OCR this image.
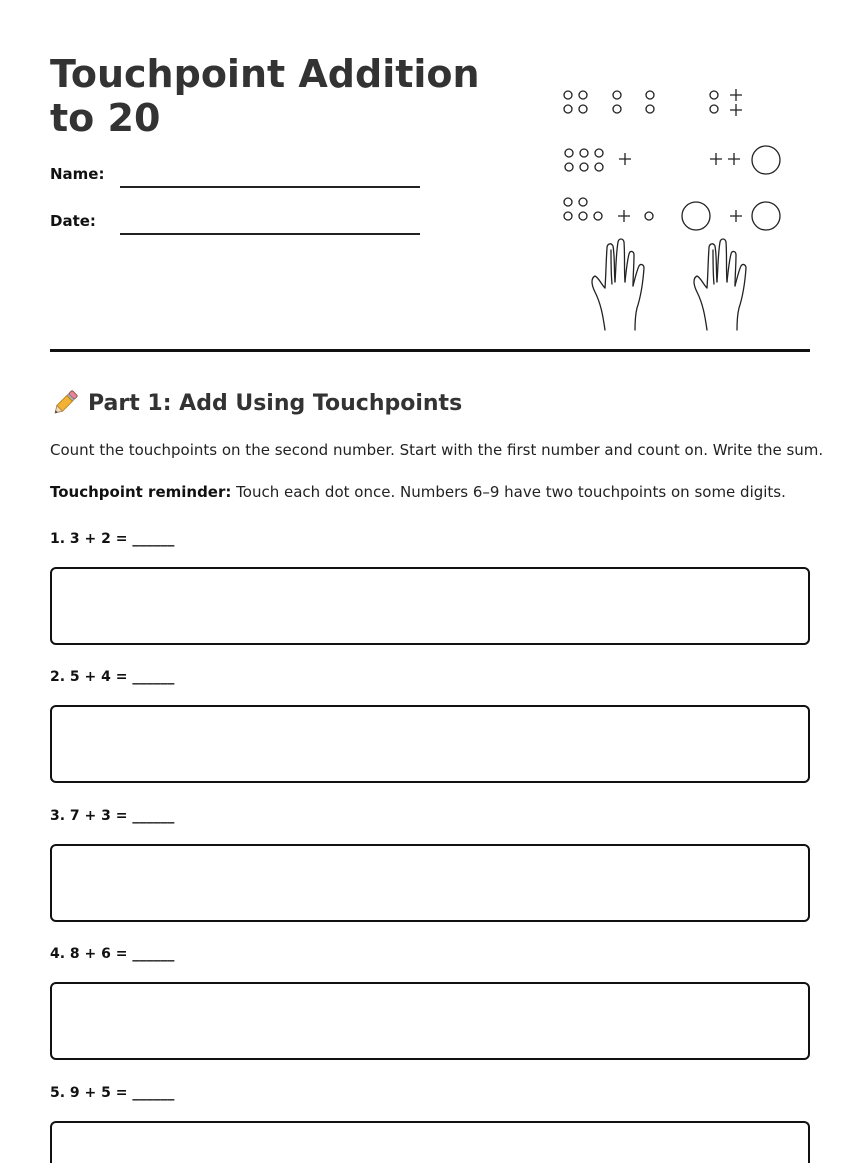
Touchpoint Addition to 20
Name:
Date:
Part 1: Add Using Touchpoints
Count the touchpoints on the second number. Start with the first number and count on. Write the sum.
Touchpoint reminder: Touch each dot once. Numbers 6–9 have two touchpoints on some digits.
1. 3 + 2 = ______
2. 5 + 4 = ______
3. 7 + 3 = ______
4. 8 + 6 = ______
5. 9 + 5 = ______
